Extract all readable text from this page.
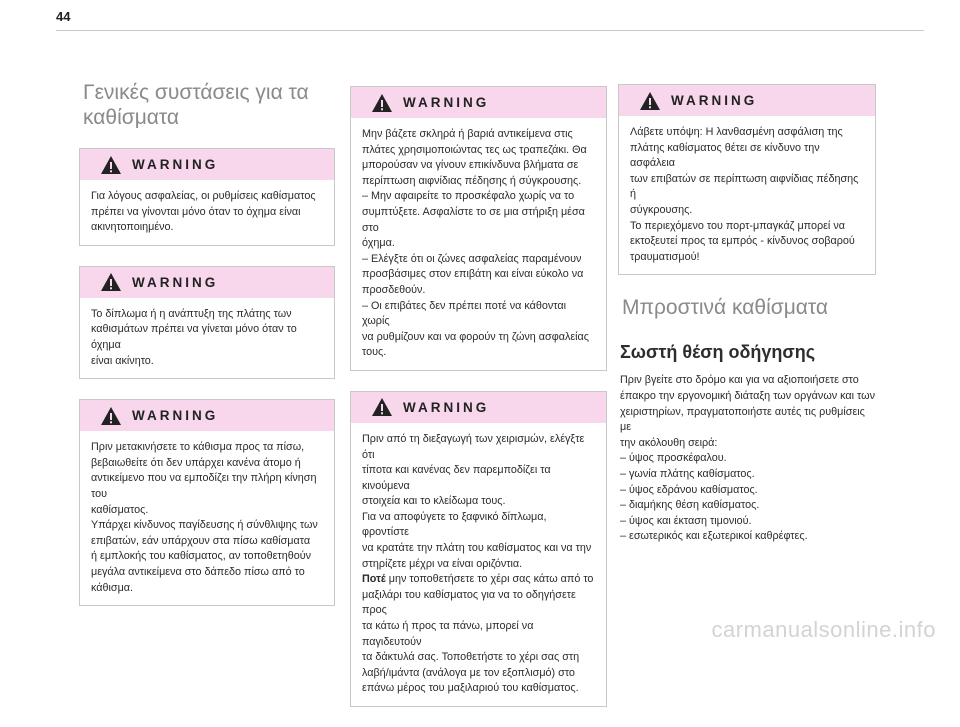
44
Γενικές συστάσεις για τα καθίσματα
WARNING

Για λόγους ασφαλείας, οι ρυθμίσεις καθίσματος

πρέπει να γίνονται μόνο όταν το όχημα είναι

ακινητοποιημένο.

WARNING

Το δίπλωμα ή η ανάπτυξη της πλάτης των

καθισμάτων πρέπει να γίνεται μόνο όταν το όχημα

είναι ακίνητο.

WARNING

Πριν μετακινήσετε το κάθισμα προς τα πίσω,

βεβαιωθείτε ότι δεν υπάρχει κανένα άτομο ή

αντικείμενο που να εμποδίζει την πλήρη κίνηση του

καθίσματος.

Υπάρχει κίνδυνος παγίδευσης ή σύνθλιψης των

επιβατών, εάν υπάρχουν στα πίσω καθίσματα

ή εμπλοκής του καθίσματος, αν τοποθετηθούν

μεγάλα αντικείμενα στο δάπεδο πίσω από το

κάθισμα.

WARNING

Μην βάζετε σκληρά ή βαριά αντικείμενα στις

πλάτες χρησιμοποιώντας τες ως τραπεζάκι. Θα

μπορούσαν να γίνουν επικίνδυνα βλήματα σε

περίπτωση αιφνίδιας πέδησης ή σύγκρουσης.

– Μην αφαιρείτε το προσκέφαλο χωρίς να το

συμπτύξετε. Ασφαλίστε το σε μια στήριξη μέσα στο

όχημα.

– Ελέγξτε ότι οι ζώνες ασφαλείας παραμένουν

προσβάσιμες στον επιβάτη και είναι εύκολο να

προσδεθούν.

– Οι επιβάτες δεν πρέπει ποτέ να κάθονται χωρίς

να ρυθμίζουν και να φορούν τη ζώνη ασφαλείας

τους.

WARNING

Πριν από τη διεξαγωγή των χειρισμών, ελέγξτε ότι

τίποτα και κανένας δεν παρεμποδίζει τα κινούμενα

στοιχεία και το κλείδωμα τους.

Για να αποφύγετε το ξαφνικό δίπλωμα, φροντίστε

να κρατάτε την πλάτη του καθίσματος και να την

στηρίζετε μέχρι να είναι οριζόντια.

Ποτέ μην τοποθετήσετε το χέρι σας κάτω από το

μαξιλάρι του καθίσματος για να το οδηγήσετε προς

τα κάτω ή προς τα πάνω, μπορεί να παγιδευτούν

τα δάκτυλά σας. Τοποθετήστε το χέρι σας στη

λαβή/ιμάντα (ανάλογα με τον εξοπλισμό) στο

επάνω μέρος του μαξιλαριού του καθίσματος.

WARNING

Λάβετε υπόψη: Η λανθασμένη ασφάλιση της

πλάτης καθίσματος θέτει σε κίνδυνο την ασφάλεια

των επιβατών σε περίπτωση αιφνίδιας πέδησης ή

σύγκρουσης.

Το περιεχόμενο του πορτ-μπαγκάζ μπορεί να

εκτοξευτεί προς τα εμπρός - κίνδυνος σοβαρού

τραυματισμού!

Μπροστινά καθίσματα
Σωστή θέση οδήγησης

Πριν βγείτε στο δρόμο και για να αξιοποιήσετε στο

έπακρο την εργονομική διάταξη των οργάνων και των

χειριστηρίων, πραγματοποιήστε αυτές τις ρυθμίσεις με

την ακόλουθη σειρά:

– ύψος προσκέφαλου.

– γωνία πλάτης καθίσματος.

– ύψος εδράνου καθίσματος.

– διαμήκης θέση καθίσματος.

– ύψος και έκταση τιμονιού.

– εσωτερικός και εξωτερικοί καθρέφτες.

carmanualsonline.info
